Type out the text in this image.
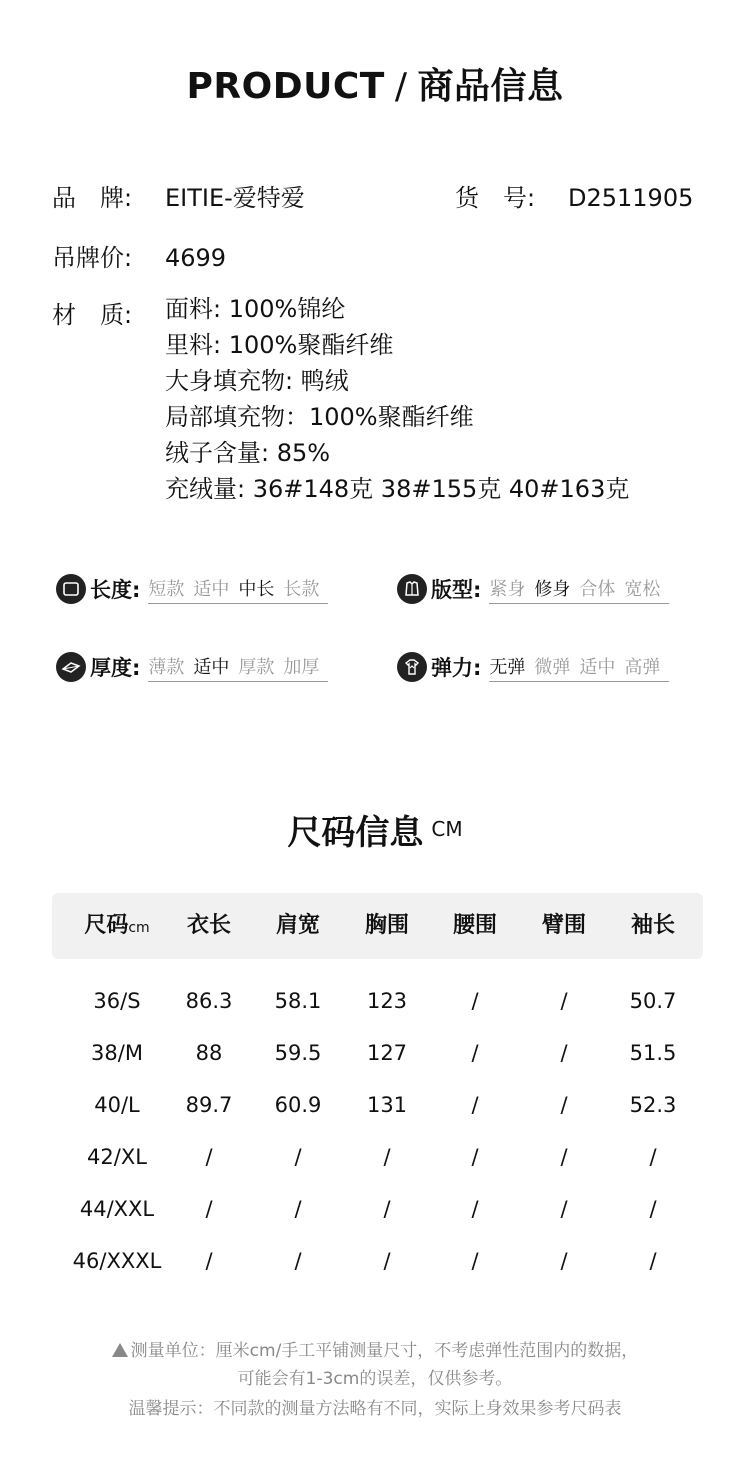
PRODUCT / 商品信息
品　牌: EITIE-爱特爱	货　号: D2511905
吊牌价: 4699
材　质:	面料: 100%锦纶
里料: 100%聚酯纤维
大身填充物: 鸭绒
局部填充物：100%聚酯纤维
绒子含量: 85%
充绒量: 36#148克 38#155克 40#163克
长度: 短款 适中 中长 长款	版型: 紧身 修身 合体 宽松
厚度: 薄款 适中 厚款 加厚	弹力: 无弹 微弹 适中 高弹
尺码信息 $^{CM}$
尺码cm	衣长	肩宽	胸围	腰围	臂围	袖长
36/S	86.3	58.1	123	/	/	50.7
38/M	88	59.5	127	/	/	51.5
40/L	89.7	60.9	131	/	/	52.3
42/XL	/	/	/	/	/	/
44/XXL	/	/	/	/	/	/
46/XXXL	/	/	/	/	/	/
测量单位：厘米cm/手工平铺测量尺寸，不考虑弹性范围内的数据，
可能会有1-3cm的误差，仅供参考。
温馨提示：不同款的测量方法略有不同，实际上身效果参考尺码表
